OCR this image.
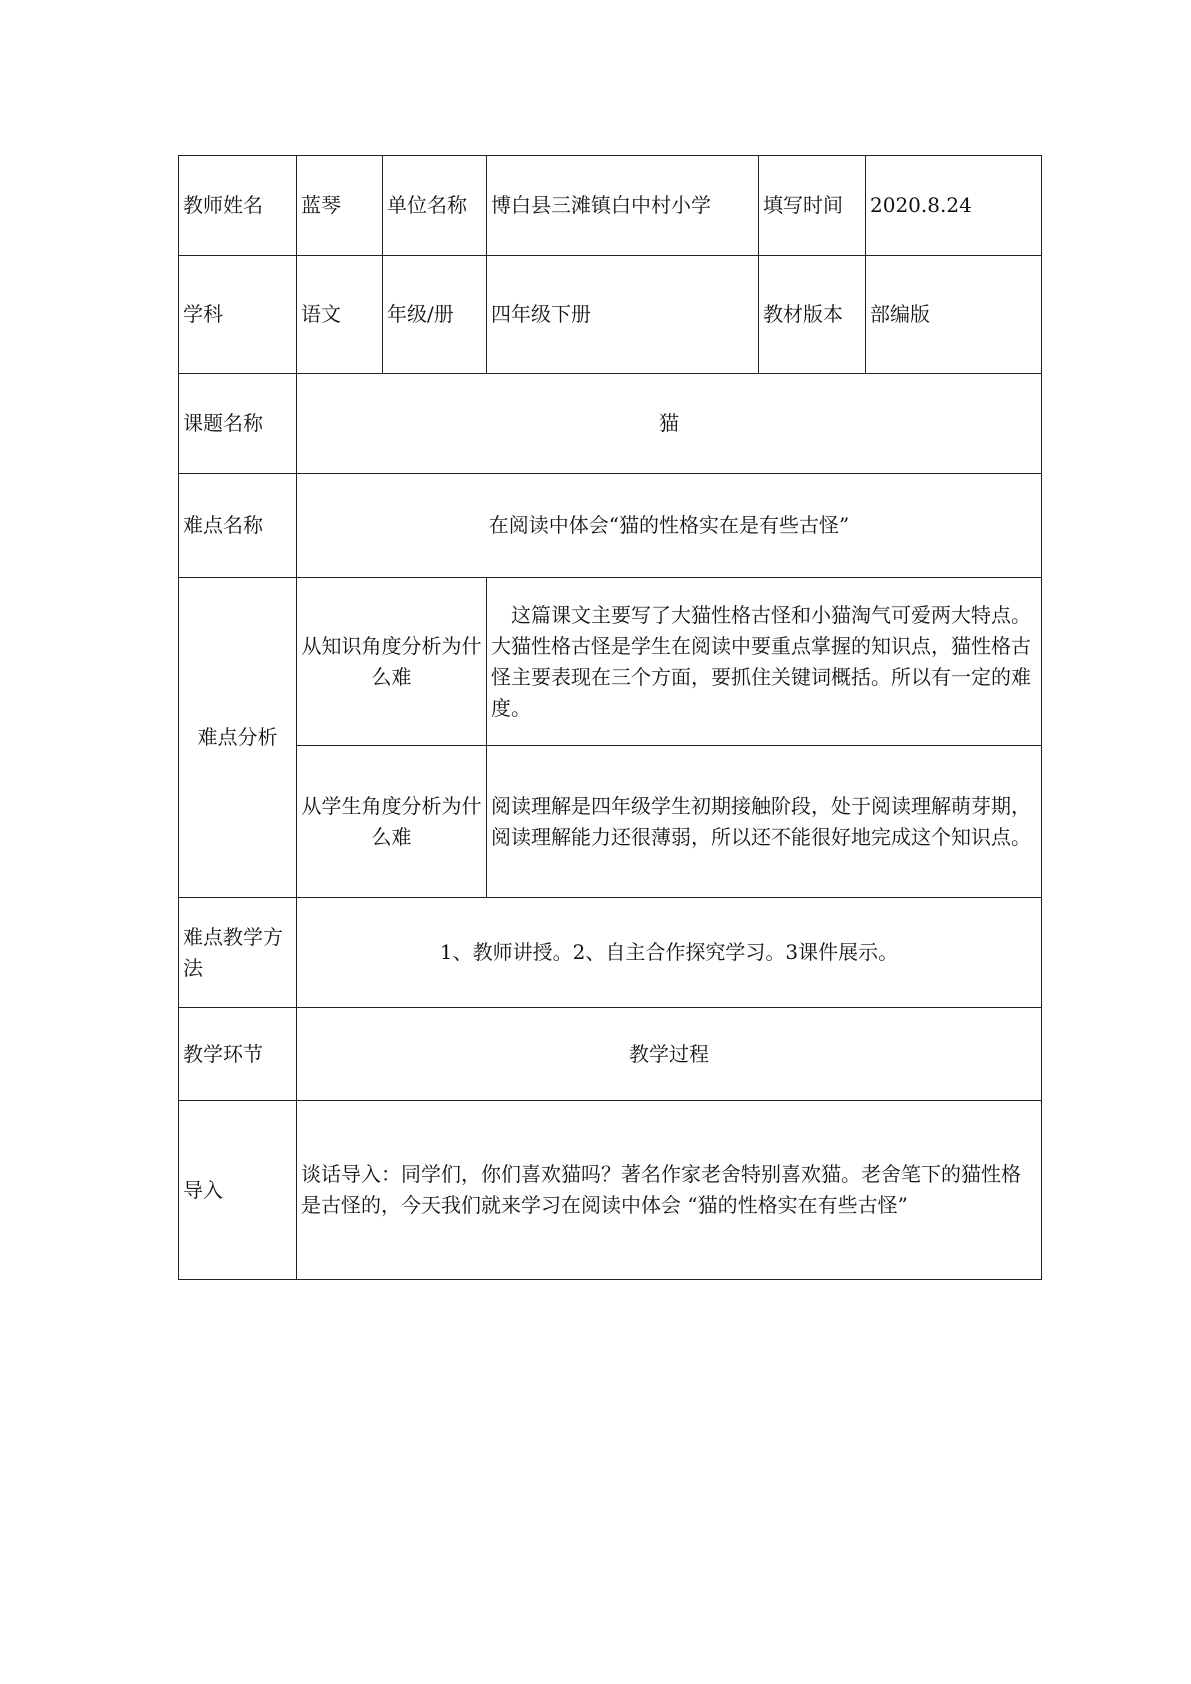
教师姓名	蓝琴	单位名称	博白县三滩镇白中村小学	填写时间	2020.8.24
学科	语文	年级/册	四年级下册	教材版本	部编版
课题名称	猫				
难点名称	在阅读中体会“猫的性格实在是有些古怪”				
难点分析	从知识角度分析为什么难		这篇课文主要写了大猫性格古怪和小猫淘气可爱两大特点。大猫性格古怪是学生在阅读中要重点掌握的知识点，猫性格古怪主要表现在三个方面，要抓住关键词概括。所以有一定的难度。		
	从学生角度分析为什么难		阅读理解是四年级学生初期接触阶段，处于阅读理解萌芽期，阅读理解能力还很薄弱，所以还不能很好地完成这个知识点。		
难点教学方法	1、教师讲授。2、自主合作探究学习。3课件展示。				
教学环节	教学过程				
导入	谈话导入：同学们，你们喜欢猫吗？著名作家老舍特别喜欢猫。老舍笔下的猫性格是古怪的，今天我们就来学习在阅读中体会 “猫的性格实在有些古怪”				
